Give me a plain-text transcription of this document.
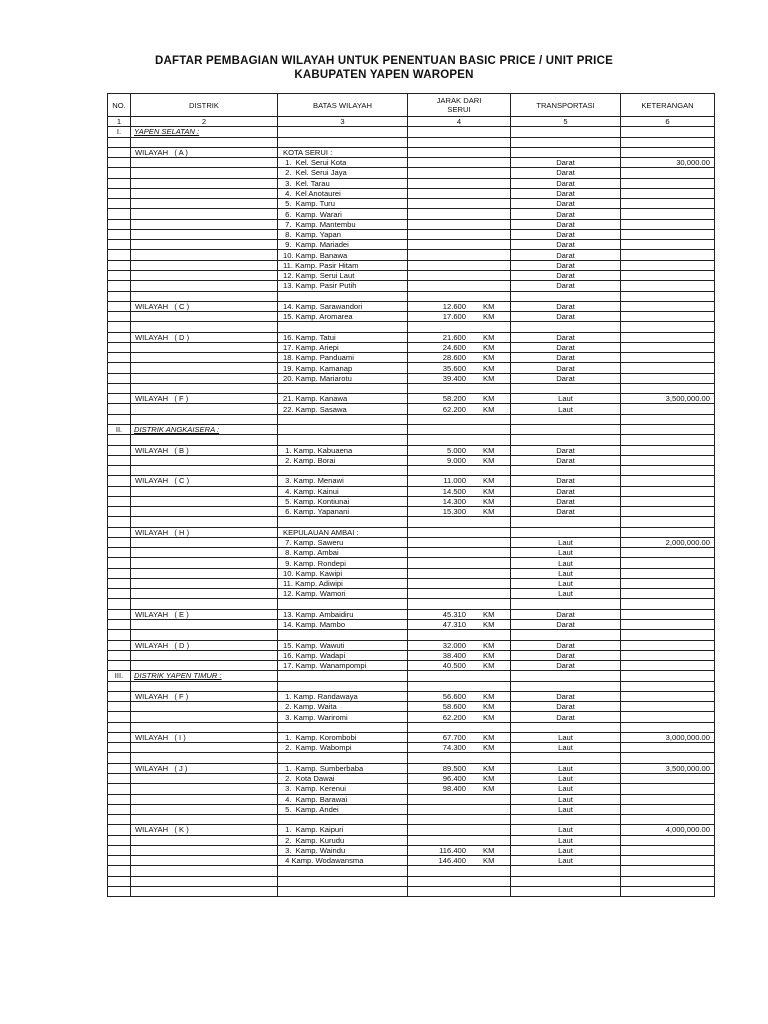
DAFTAR PEMBAGIAN WILAYAH UNTUK PENENTUAN BASIC PRICE / UNIT PRICE
KABUPATEN YAPEN WAROPEN
NO.	DISTRIK	BATAS WILAYAH	JARAK DARI SERUI	TRANSPORTASI	KETERANGAN
1	2	3	4	5	6
I.	YAPEN SELATAN :				

	WILAYAH   ( A )	KOTA SERUI :			
		1.  Kel. Serui Kota		Darat	30,000.00
		2.  Kel. Serui Jaya		Darat	
		3.  Kel. Tarau		Darat	
		4.  Kel Anotaurei		Darat	
		5.  Kamp. Turu		Darat	
		6.  Kamp. Warari		Darat	
		7.  Kamp. Mantembu		Darat	
		8.  Kamp. Yapan		Darat	
		9.  Kamp. Mariadei		Darat	
		10. Kamp. Banawa		Darat	
		11. Kamp. Pasir Hitam		Darat	
		12. Kamp. Serui Laut		Darat	
		13. Kamp. Pasir Putih		Darat	

	WILAYAH   ( C )	14. Kamp. Sarawandori	12.600 KM	Darat	
		15. Kamp. Aromarea	17.600 KM	Darat	

	WILAYAH   ( D )	16. Kamp. Tatui	21.600 KM	Darat	
		17. Kamp. Ariepi	24.600 KM	Darat	
		18. Kamp. Panduami	28.600 KM	Darat	
		19. Kamp. Kamanap	35.600 KM	Darat	
		20. Kamp. Mariarotu	39.400 KM	Darat	

	WILAYAH   ( F )	21. Kamp. Kanawa	58.200 KM	Laut	3,500,000.00
		22. Kamp. Sasawa	62.200 KM	Laut	

II.	DISTRIK ANGKAISERA :				

	WILAYAH   ( B )	1. Kamp. Kabuaena	5.000 KM	Darat	
		2. Kamp. Borai	9.000 KM	Darat	

	WILAYAH   ( C )	3. Kamp. Menawi	11.000 KM	Darat	
		4. Kamp. Kainui	14.500 KM	Darat	
		5. Kamp. Kontiunai	14.300 KM	Darat	
		6. Kamp. Yapanani	15.300 KM	Darat	

	WILAYAH   ( H )	KEPULAUAN AMBAI :			
		7. Kamp. Saweru		Laut	2,000,000.00
		8. Kamp. Ambai		Laut	
		9. Kamp. Rondepi		Laut	
		10. Kamp. Kawipi		Laut	
		11. Kamp. Adiwipi		Laut	
		12. Kamp. Wamori		Laut	

	WILAYAH   ( E )	13. Kamp. Ambaidiru	45.310 KM	Darat	
		14. Kamp. Mambo	47.310 KM	Darat	

	WILAYAH   ( D )	15. Kamp. Wawuti	32.000 KM	Darat	
		16. Kamp. Wadapi	38.400 KM	Darat	
		17. Kamp. Wanampompi	40.500 KM	Darat	
III.	DISTRIK YAPEN TIMUR :				

	WILAYAH   ( F )	1. Kamp. Randawaya	56.600 KM	Darat	
		2. Kamp. Waita	58.600 KM	Darat	
		3. Kamp. Wariromi	62.200 KM	Darat	

	WILAYAH   ( I )	1.  Kamp. Korombobi	67.700 KM	Laut	3,000,000.00
		2.  Kamp. Wabompi	74.300 KM	Laut	

	WILAYAH   ( J )	1.  Kamp. Sumberbaba	89.500 KM	Laut	3,500,000.00
		2.  Kota Dawai	96.400 KM	Laut	
		3.  Kamp. Kerenui	98.400 KM	Laut	
		4.  Kamp. Barawai		Laut	
		5.  Kamp. Andei		Laut	

	WILAYAH   ( K )	1.  Kamp. Kaipuri		Laut	4,000,000.00
		2.  Kamp. Kurudu		Laut	
		3.  Kamp. Waindu	116.400 KM	Laut	
		4 Kamp. Wodawansma	146.400 KM	Laut	
